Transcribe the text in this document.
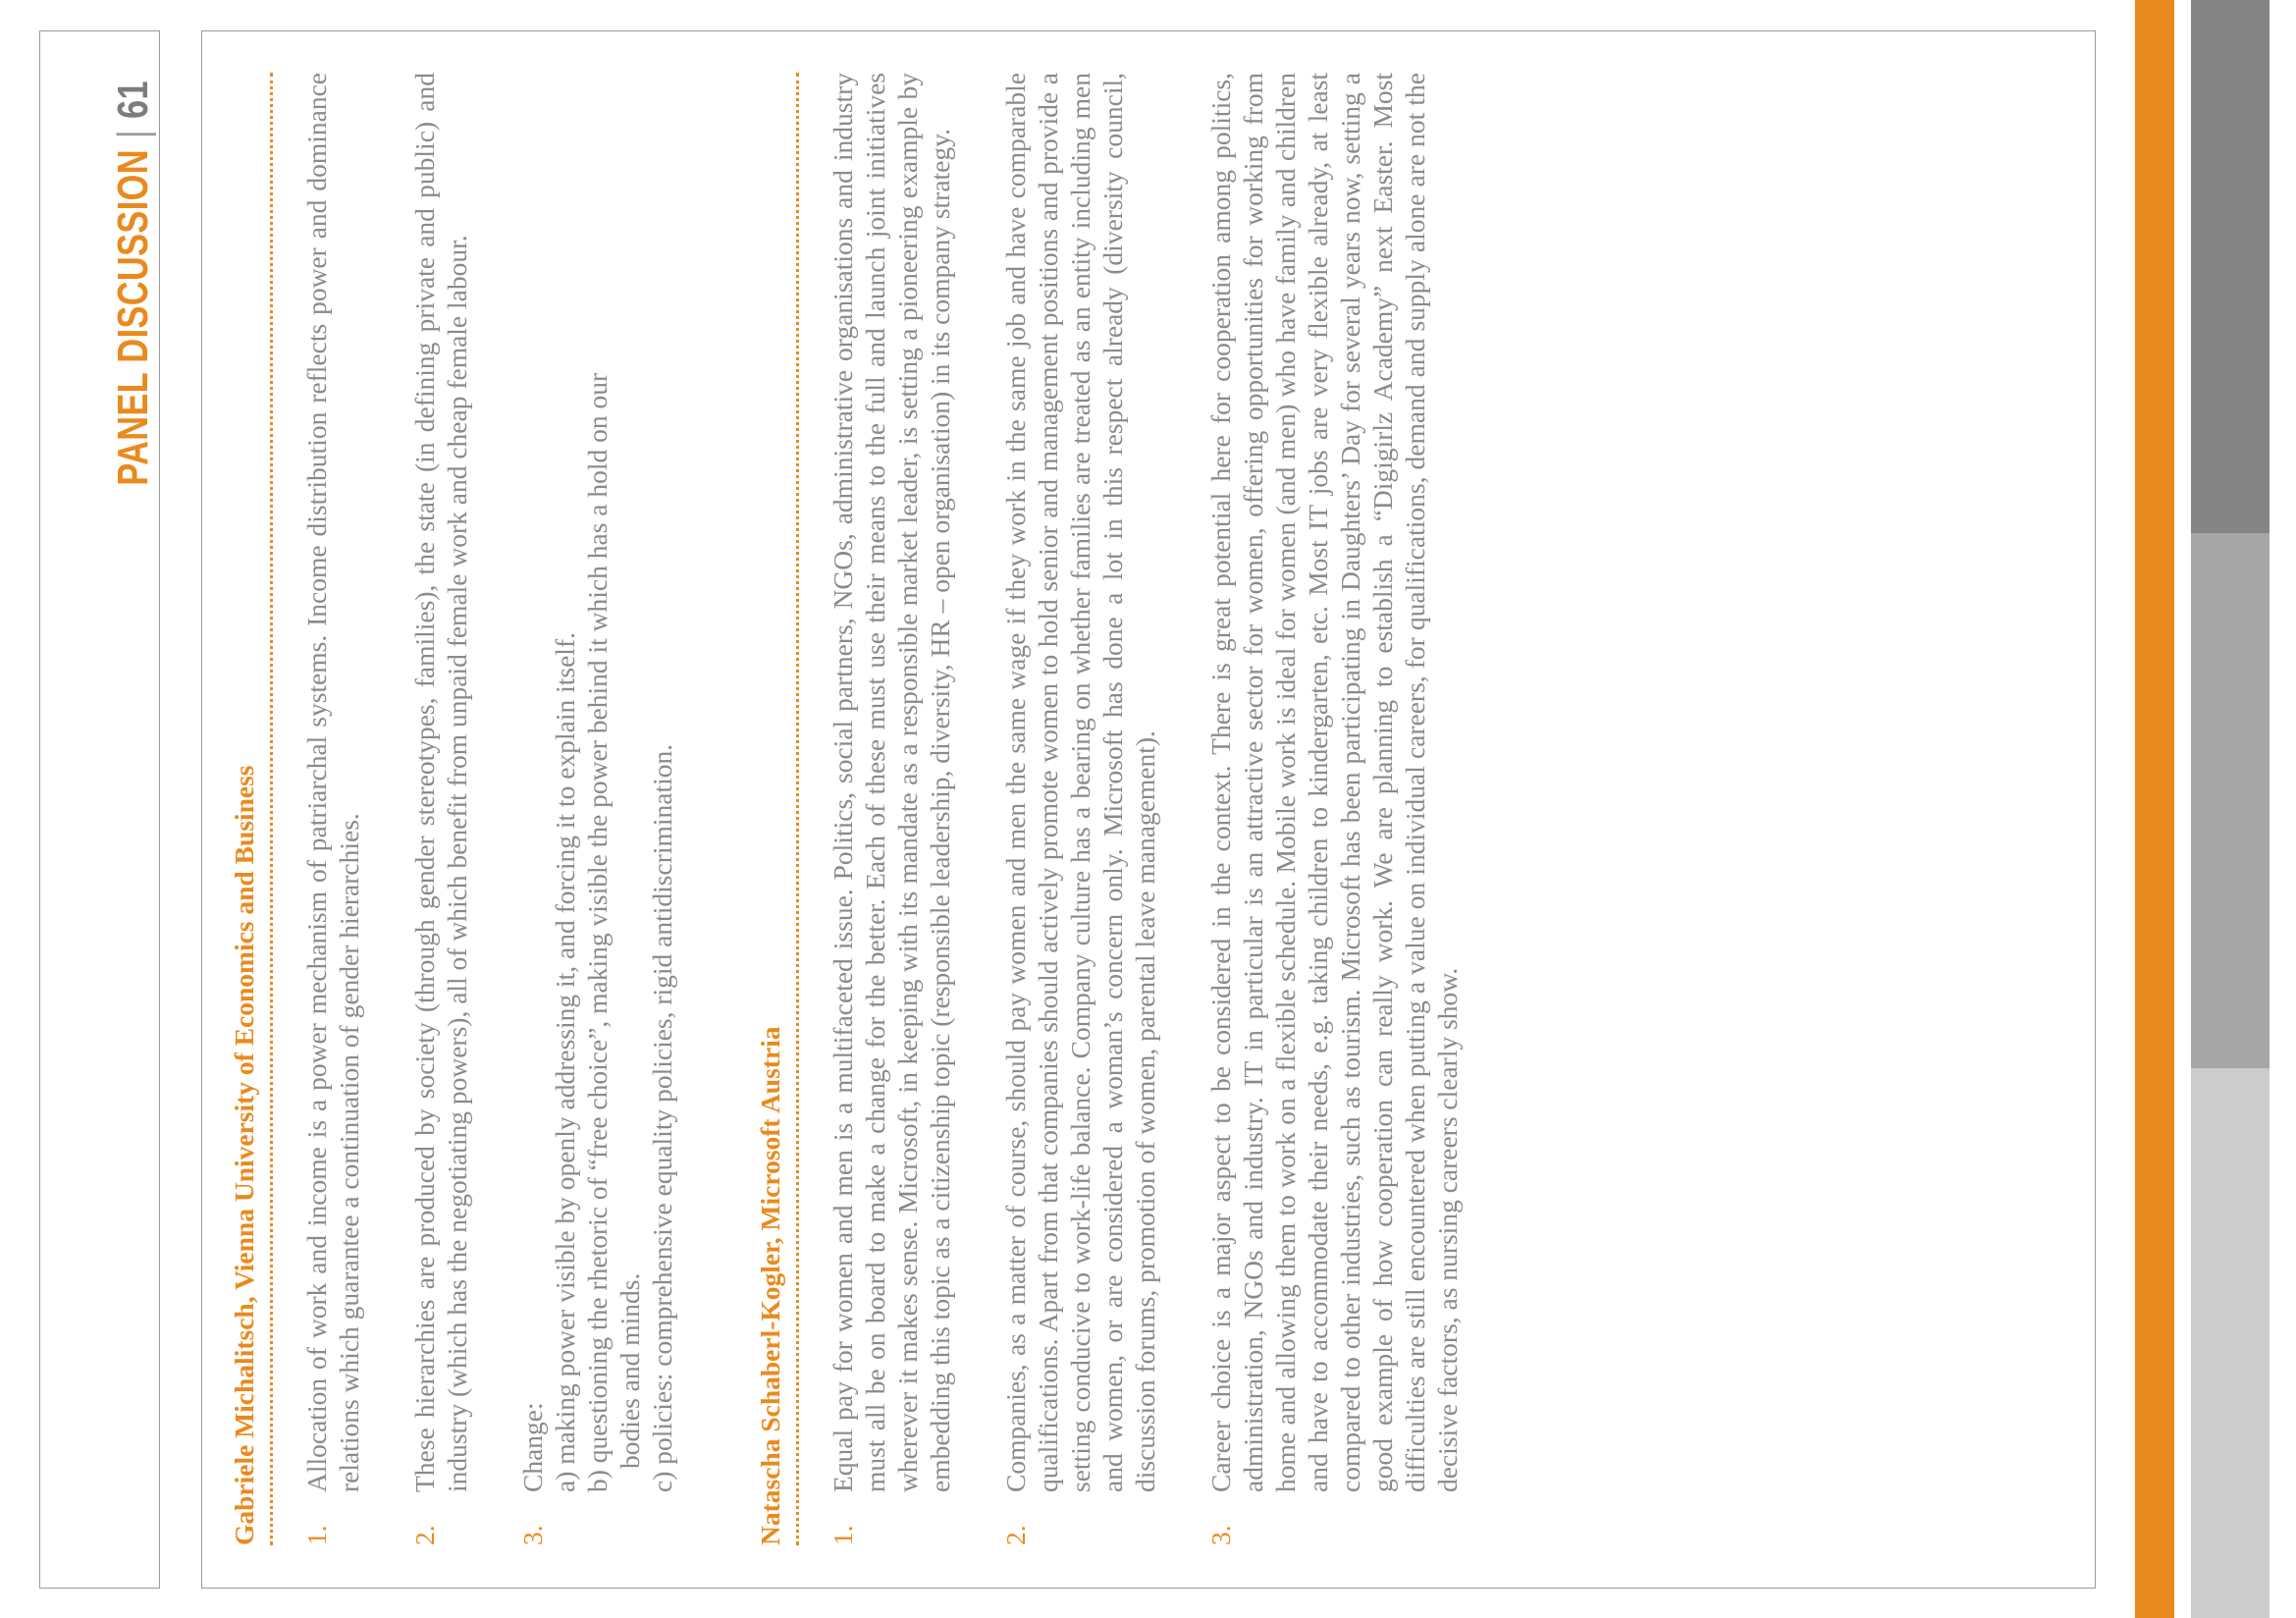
PANEL DISCUSSION|61
Gabriele Michalitsch, Vienna University of Economics and Business	1.
Allocation of work and income is a power mechanism of patriarchal systems. Income distribution reflects power and dominance relations which guarantee a continuation of gender hierarchies.
2.
These hierarchies are produced by society (through gender stereotypes, families), the state (in defining private and public) and industry (which has the negotiating powers), all of which benefit from unpaid female work and cheap female labour.
3.
Change: a) making power visible by openly addressing it, and forcing it to explain itself. b) questioning the rhetoric of “free choice”, making visible the power behind it which has a hold on our bodies and minds. c) policies: comprehensive equality policies, rigid antidiscrimination.	Natascha Schaberl-Kogler, Microsoft Austria	1.
Equal pay for women and men is a multifaceted issue. Politics, social partners, NGOs, administrative organisations and industry must all be on board to make a change for the better. Each of these must use their means to the full and launch joint initiatives wherever it makes sense. Microsoft, in keeping with its mandate as a responsible market leader, is setting a pioneering example by embedding this topic as a citizenship topic (responsible leadership, diversity, HR – open organisation) in its company strategy.
2.
Companies, as a matter of course, should pay women and men the same wage if they work in the same job and have comparable qualifications. Apart from that companies should actively promote women to hold senior and management positions and provide a setting conducive to work-life balance. Company culture has a bearing on whether families are treated as an entity including men and women, or are considered a woman’s concern only. Microsoft has done a lot in this respect already (diversity council, discussion forums, promotion of women, parental leave management).
3.
Career choice is a major aspect to be considered in the context. There is great potential here for cooperation among politics, administration, NGOs and industry. IT in particular is an attractive sector for women, offering opportunities for working from home and allowing them to work on a flexible schedule. Mobile work is ideal for women (and men) who have family and children and have to accommodate their needs, e.g. taking children to kindergarten, etc. Most IT jobs are very flexible already, at least compared to other industries, such as tourism. Microsoft has been participating in Daughters’ Day for several years now, setting a good example of how cooperation can really work. We are planning to establish a “Digigirlz Academy” next Easter. Most difficulties are still encountered when putting a value on individual careers, for qualifications, demand and supply alone are not the decisive factors, as nursing careers clearly show.
